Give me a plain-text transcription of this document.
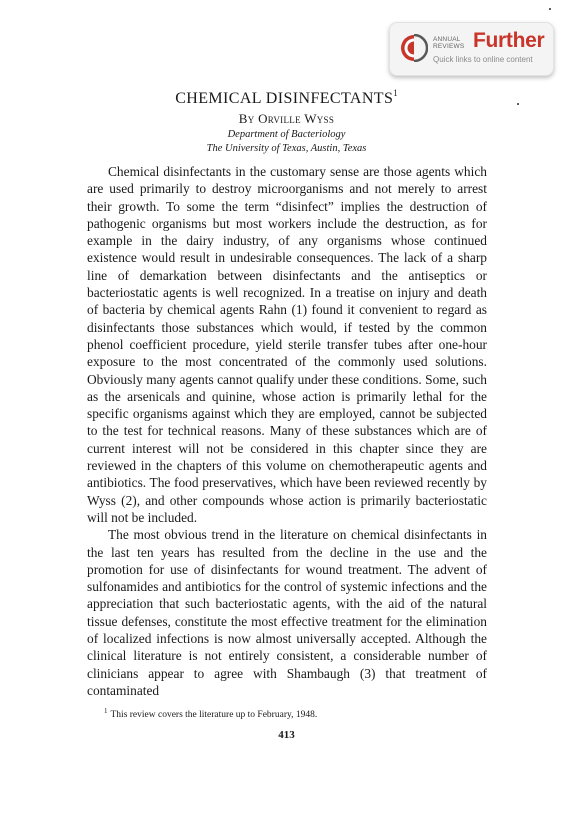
ANNUAL
REVIEWS Further
Quick links to online content
CHEMICAL DISINFECTANTS$^1$
By Orville Wyss
Department of Bacteriology
The University of Texas, Austin, Texas

Chemical disinfectants in the customary sense are those agents which are used primarily to destroy microorganisms and not merely to arrest their growth. To some the term “disinfect” implies the destruction of pathogenic organisms but most workers include the destruction, as for example in the dairy industry, of any organisms whose continued existence would result in undesirable consequences. The lack of a sharp line of demarkation between disinfectants and the antiseptics or bacteriostatic agents is well recognized. In a treatise on injury and death of bacteria by chemical agents Rahn (1) found it convenient to regard as disinfectants those substances which would, if tested by the common phenol coefficient procedure, yield sterile transfer tubes after one-hour exposure to the most concentrated of the commonly used solutions. Obviously many agents cannot qualify under these conditions. Some, such as the arsenicals and quinine, whose action is primarily lethal for the specific organisms against which they are employed, cannot be subjected to the test for technical reasons. Many of these substances which are of current interest will not be considered in this chapter since they are reviewed in the chapters of this volume on chemotherapeutic agents and antibiotics. The food preservatives, which have been reviewed recently by Wyss (2), and other compounds whose action is primarily bacteriostatic will not be included.

The most obvious trend in the literature on chemical disinfectants in the last ten years has resulted from the decline in the use and the promotion for use of disinfectants for wound treatment. The advent of sulfonamides and antibiotics for the control of systemic infections and the appreciation that such bacteriostatic agents, with the aid of the natural tissue defenses, constitute the most effective treatment for the elimination of localized infections is now almost universally accepted. Although the clinical literature is not entirely consistent, a considerable number of clinicians appear to agree with Shambaugh (3) that treatment of contaminated

$^1$ This review covers the literature up to February, 1948.
413
